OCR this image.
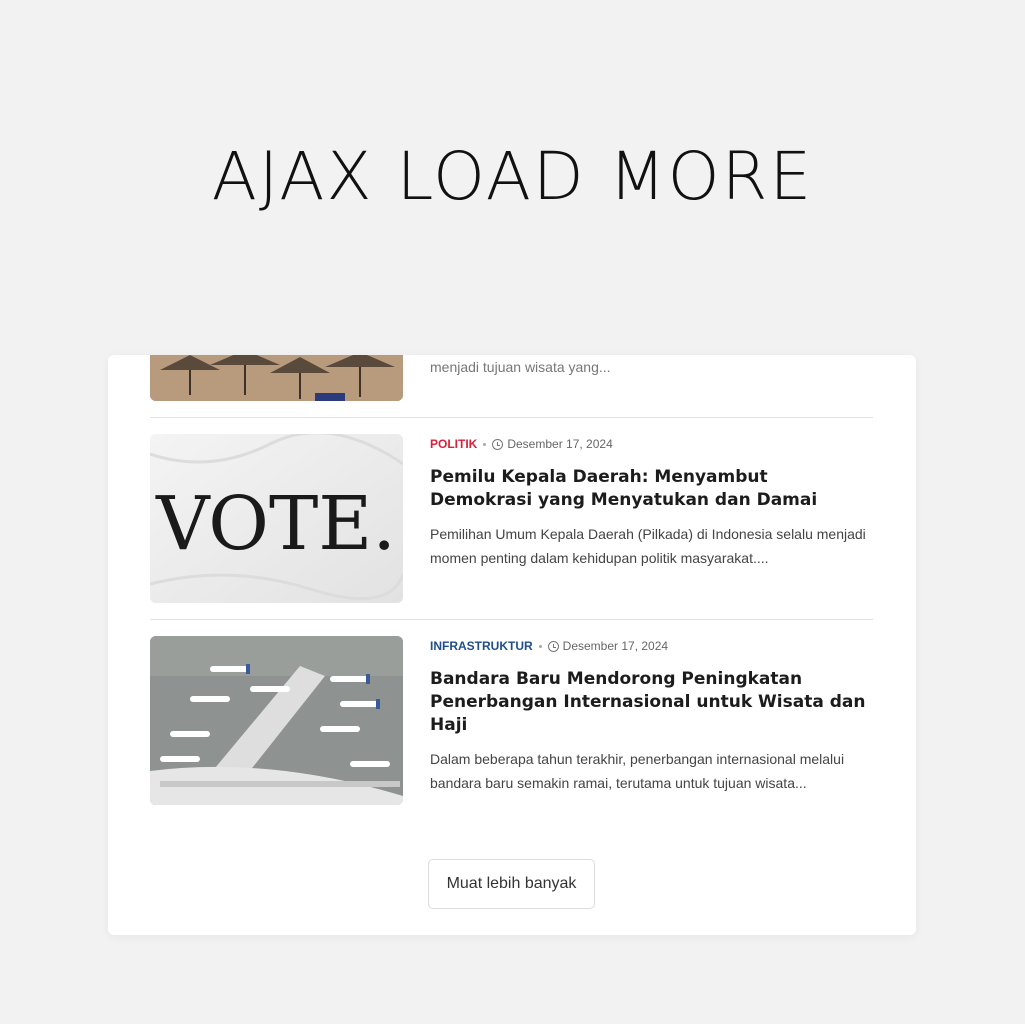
AJAX LOAD MORE
menjadi tujuan wisata yang...
VOTE.
POLITIK	Desember 17, 2024
Pemilu Kepala Daerah: Menyambut Demokrasi yang Menyatukan dan Damai
Pemilihan Umum Kepala Daerah (Pilkada) di Indonesia selalu menjadi momen penting dalam kehidupan politik masyarakat....
INFRASTRUKTUR	Desember 17, 2024
Bandara Baru Mendorong Peningkatan Penerbangan Internasional untuk Wisata dan Haji
Dalam beberapa tahun terakhir, penerbangan internasional melalui bandara baru semakin ramai, terutama untuk tujuan wisata...
Muat lebih banyak
